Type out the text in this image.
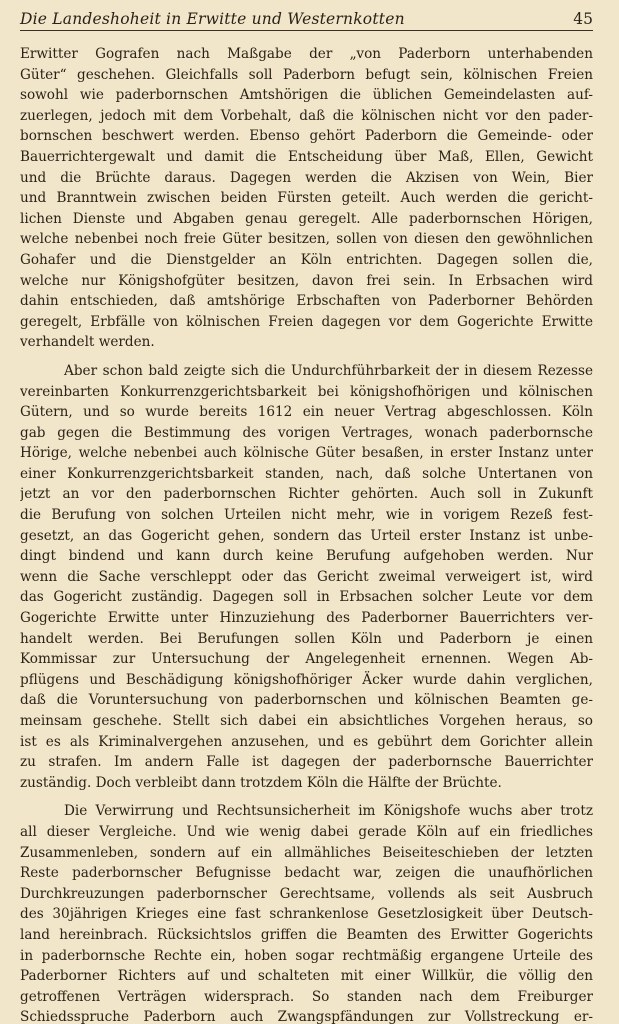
Die Landeshoheit in Erwitte und Westernkotten	45
Erwitter Gografen nach Maßgabe der „von Paderborn unterhabenden
Güter“ geschehen. Gleichfalls soll Paderborn befugt sein, kölnischen Freien
sowohl wie paderbornschen Amtshörigen die üblichen Gemeindelasten auf-
zuerlegen, jedoch mit dem Vorbehalt, daß die kölnischen nicht vor den pader-
bornschen beschwert werden. Ebenso gehört Paderborn die Gemeinde- oder
Bauerrichtergewalt und damit die Entscheidung über Maß, Ellen, Gewicht
und die Brüchte daraus. Dagegen werden die Akzisen von Wein, Bier
und Branntwein zwischen beiden Fürsten geteilt. Auch werden die gericht-
lichen Dienste und Abgaben genau geregelt. Alle paderbornschen Hörigen,
welche nebenbei noch freie Güter besitzen, sollen von diesen den gewöhnlichen
Gohafer und die Dienstgelder an Köln entrichten. Dagegen sollen die,
welche nur Königshofgüter besitzen, davon frei sein. In Erbsachen wird
dahin entschieden, daß amtshörige Erbschaften von Paderborner Behörden
geregelt, Erbfälle von kölnischen Freien dagegen vor dem Gogerichte Erwitte
verhandelt werden.
Aber schon bald zeigte sich die Undurchführbarkeit der in diesem Rezesse
vereinbarten Konkurrenzgerichtsbarkeit bei königshofhörigen und kölnischen
Gütern, und so wurde bereits 1612 ein neuer Vertrag abgeschlossen. Köln
gab gegen die Bestimmung des vorigen Vertrages, wonach paderbornsche
Hörige, welche nebenbei auch kölnische Güter besaßen, in erster Instanz unter
einer Konkurrenzgerichtsbarkeit standen, nach, daß solche Untertanen von
jetzt an vor den paderbornschen Richter gehörten. Auch soll in Zukunft
die Berufung von solchen Urteilen nicht mehr, wie in vorigem Rezeß fest-
gesetzt, an das Gogericht gehen, sondern das Urteil erster Instanz ist unbe-
dingt bindend und kann durch keine Berufung aufgehoben werden. Nur
wenn die Sache verschleppt oder das Gericht zweimal verweigert ist, wird
das Gogericht zuständig. Dagegen soll in Erbsachen solcher Leute vor dem
Gogerichte Erwitte unter Hinzuziehung des Paderborner Bauerrichters ver-
handelt werden. Bei Berufungen sollen Köln und Paderborn je einen
Kommissar zur Untersuchung der Angelegenheit ernennen. Wegen Ab-
pflügens und Beschädigung königshofhöriger Äcker wurde dahin verglichen,
daß die Voruntersuchung von paderbornschen und kölnischen Beamten ge-
meinsam geschehe. Stellt sich dabei ein absichtliches Vorgehen heraus, so
ist es als Kriminalvergehen anzusehen, und es gebührt dem Gorichter allein
zu strafen. Im andern Falle ist dagegen der paderbornsche Bauerrichter
zuständig. Doch verbleibt dann trotzdem Köln die Hälfte der Brüchte.
Die Verwirrung und Rechtsunsicherheit im Königshofe wuchs aber trotz
all dieser Vergleiche. Und wie wenig dabei gerade Köln auf ein friedliches
Zusammenleben, sondern auf ein allmähliches Beiseiteschieben der letzten
Reste paderbornscher Befugnisse bedacht war, zeigen die unaufhörlichen
Durchkreuzungen paderbornscher Gerechtsame, vollends als seit Ausbruch
des 30jährigen Krieges eine fast schrankenlose Gesetzlosigkeit über Deutsch-
land hereinbrach. Rücksichtslos griffen die Beamten des Erwitter Gogerichts
in paderbornsche Rechte ein, hoben sogar rechtmäßig ergangene Urteile des
Paderborner Richters auf und schalteten mit einer Willkür, die völlig den
getroffenen Verträgen widersprach. So standen nach dem Freiburger
Schiedsspruche Paderborn auch Zwangspfändungen zur Vollstreckung er-
